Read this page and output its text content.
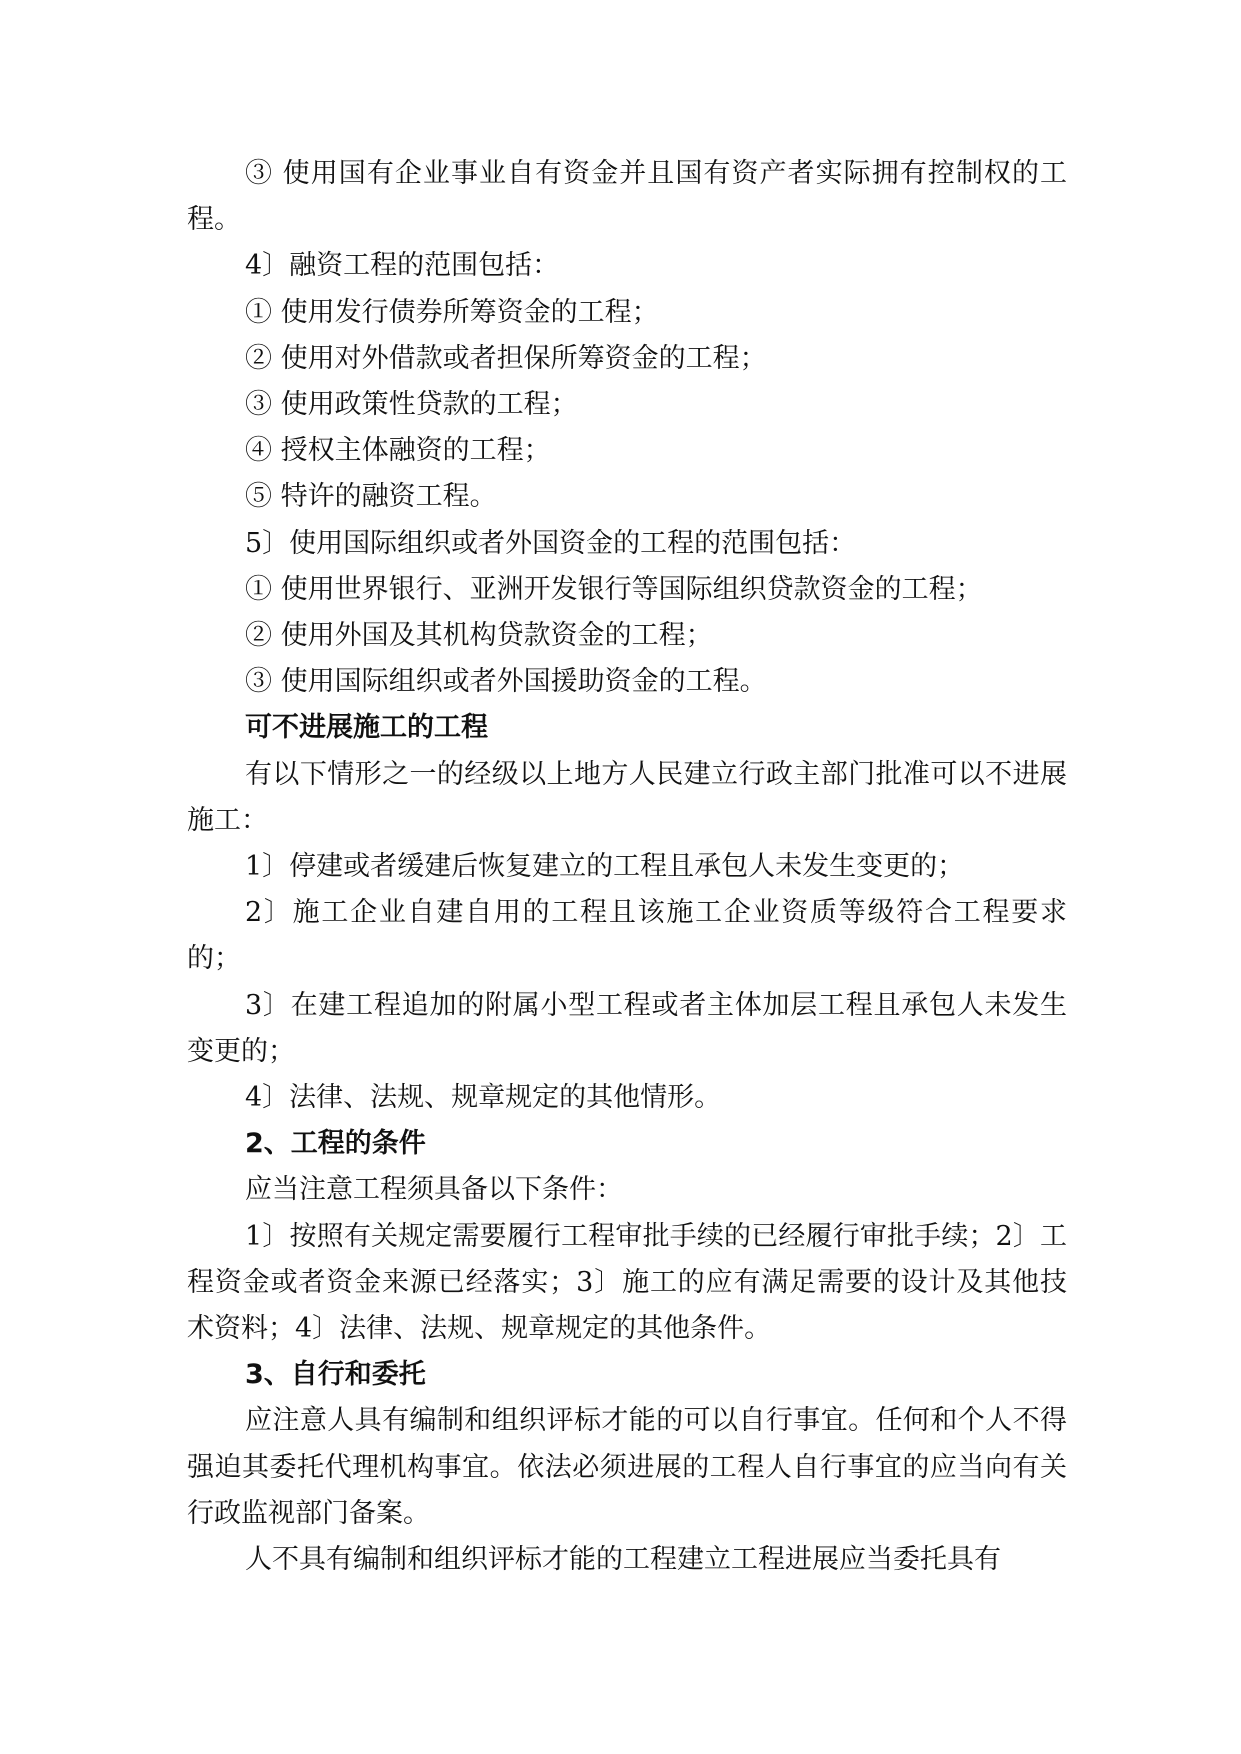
③ 使用国有企业事业自有资金并且国有资产者实际拥有控制权的工程。

4〕融资工程的范围包括：

① 使用发行债券所筹资金的工程；

② 使用对外借款或者担保所筹资金的工程；

③ 使用政策性贷款的工程；

④ 授权主体融资的工程；

⑤ 特许的融资工程。

5〕使用国际组织或者外国资金的工程的范围包括：

① 使用世界银行、亚洲开发银行等国际组织贷款资金的工程；

② 使用外国及其机构贷款资金的工程；

③ 使用国际组织或者外国援助资金的工程。

可不进展施工的工程

有以下情形之一的经级以上地方人民建立行政主部门批准可以不进展施工：

1〕停建或者缓建后恢复建立的工程且承包人未发生变更的；

2〕施工企业自建自用的工程且该施工企业资质等级符合工程要求的；

3〕在建工程追加的附属小型工程或者主体加层工程且承包人未发生变更的；

4〕法律、法规、规章规定的其他情形。

2、工程的条件

应当注意工程须具备以下条件：

1〕按照有关规定需要履行工程审批手续的已经履行审批手续；2〕工程资金或者资金来源已经落实；3〕施工的应有满足需要的设计及其他技术资料；4〕法律、法规、规章规定的其他条件。

3、自行和委托

应注意人具有编制和组织评标才能的可以自行事宜。任何和个人不得强迫其委托代理机构事宜。依法必须进展的工程人自行事宜的应当向有关行政监视部门备案。

人不具有编制和组织评标才能的工程建立工程进展应当委托具有
